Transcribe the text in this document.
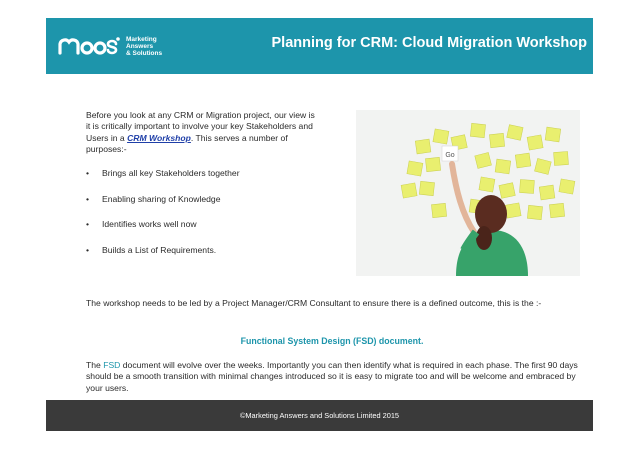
Marketing
Answers
& Solutions
Planning for CRM: Cloud Migration Workshop
Before you look at any CRM or Migration project, our view is it is critically important to involve your key Stakeholders and Users in a CRM Workshop. This serves a number of purposes:-
• Brings all key Stakeholders together
• Enabling sharing of Knowledge
• Identifies works well now
• Builds a List of Requirements.
Go
The workshop needs to be led by a Project Manager/CRM Consultant to ensure there is a defined outcome, this is the :-
Functional System Design (FSD) document.
The FSD document will evolve over the weeks. Importantly you can then identify what is required in each phase. The first 90 days should be a smooth transition with minimal changes introduced so it is easy to migrate too and will be welcome and embraced by your users.
©Marketing Answers and Solutions Limited 2015
